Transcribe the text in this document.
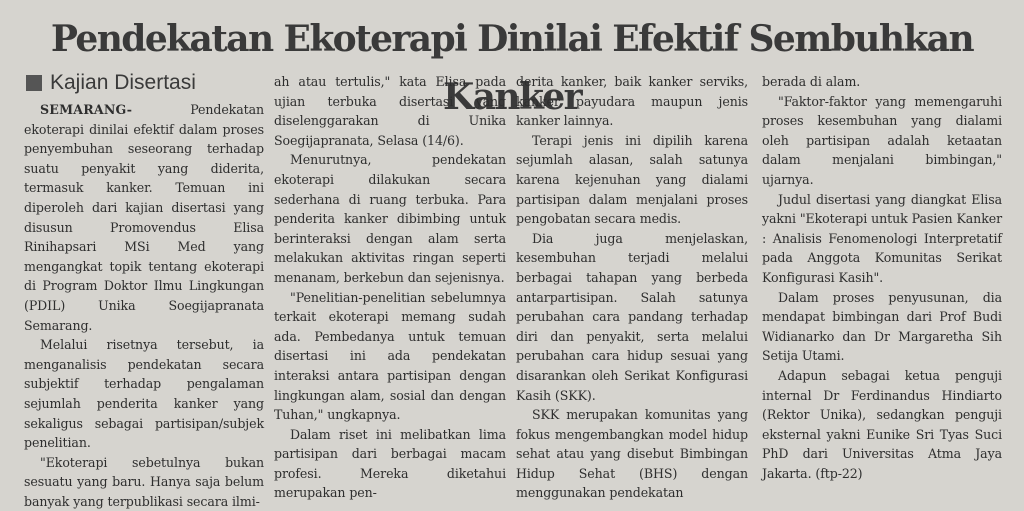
Pendekatan Ekoterapi Dinilai Efektif Sembuhkan Kanker
Kajian Disertasi

SEMARANG-	Pendekatan ekoterapi dinilai efektif dalam proses penyembuhan seseorang terhadap suatu penyakit yang diderita, termasuk kanker. Temuan ini diperoleh dari kajian disertasi yang disusun Promovendus Elisa Rinihapsari MSi Med yang mengangkat topik tentang ekoterapi di Program Doktor Ilmu Lingkungan (PDIL) Unika Soegijapranata Semarang.

Melalui risetnya tersebut, ia menganalisis pendekatan secara subjektif terhadap pengalaman sejumlah penderita kanker yang sekaligus sebagai partisipan/subjek penelitian.

"Ekoterapi sebetulnya bukan sesuatu yang baru. Hanya saja belum banyak yang terpublikasi secara ilmi-

ah atau tertulis," kata Elisa pada ujian terbuka disertasi yang diselenggarakan di Unika Soegijapranata, Selasa (14/6).

Menurutnya, pendekatan ekoterapi dilakukan secara sederhana di ruang terbuka. Para penderita kanker dibimbing untuk berinteraksi dengan alam serta melakukan aktivitas ringan seperti menanam, berkebun dan sejenisnya.

"Penelitian-penelitian sebelumnya terkait ekoterapi memang sudah ada. Pembedanya untuk temuan disertasi ini ada pendekatan interaksi antara partisipan dengan lingkungan alam, sosial dan dengan Tuhan," ungkapnya.

Dalam riset ini melibatkan lima partisipan dari berbagai macam profesi. Mereka diketahui merupakan pen-

derita kanker, baik kanker serviks, kanker payudara maupun jenis kanker lainnya.

Terapi jenis ini dipilih karena sejumlah alasan, salah satunya karena kejenuhan yang dialami partisipan dalam menjalani proses pengobatan secara medis.

Dia juga menjelaskan, kesembuhan terjadi melalui berbagai tahapan yang berbeda antarpartisipan. Salah satunya perubahan cara pandang terhadap diri dan penyakit, serta melalui perubahan cara hidup sesuai yang disarankan oleh Serikat Konfigurasi Kasih (SKK).

SKK merupakan komunitas yang fokus mengembangkan model hidup sehat atau yang disebut Bimbingan Hidup Sehat (BHS) dengan menggunakan pendekatan

berada di alam.

"Faktor-faktor yang memengaruhi proses kesembuhan yang dialami oleh partisipan adalah ketaatan dalam menjalani bimbingan," ujarnya.

Judul disertasi yang diangkat Elisa yakni "Ekoterapi untuk Pasien Kanker : Analisis Fenomenologi Interpretatif pada Anggota Komunitas Serikat Konfigurasi Kasih".

Dalam proses penyusunan, dia mendapat bimbingan dari Prof Budi Widianarko dan Dr Margaretha Sih Setija Utami.

Adapun sebagai ketua penguji internal Dr Ferdinandus Hindiarto (Rektor Unika), sedangkan penguji eksternal yakni Eunike Sri Tyas Suci PhD dari Universitas Atma Jaya Jakarta. (ftp-22)
